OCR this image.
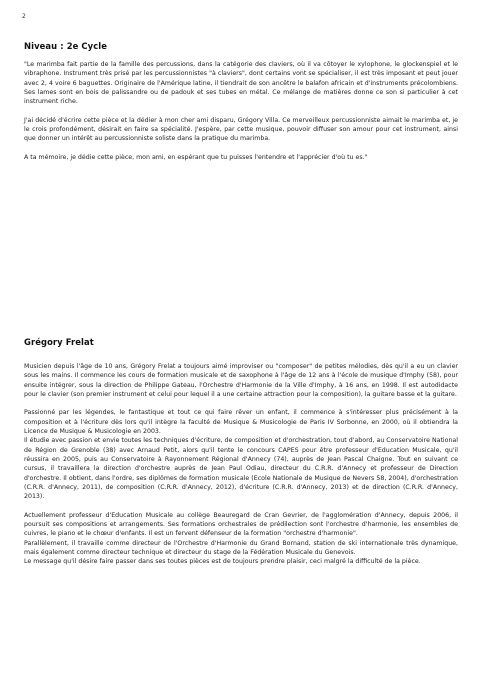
2
Niveau : 2e Cycle

"Le marimba fait partie de la famille des percussions, dans la catégorie des claviers, où il va côtoyer le xylophone, le glockenspiel et le vibraphone. Instrument très prisé par les percussionnistes "à claviers", dont certains vont se spécialiser, il est très imposant et peut jouer avec 2, 4 voire 6 baguettes. Originaire de l'Amérique latine, il tiendrait de son ancêtre le balafon africain et d'instruments précolombiens. Ses lames sont en bois de palissandre ou de padouk et ses tubes en métal. Ce mélange de matières donne ce son si particulier à cet instrument riche.

J'ai décidé d'écrire cette pièce et la dédier à mon cher ami disparu, Grégory Villa. Ce merveilleux percussionniste aimait le marimba et, je le crois profondément, désirait en faire sa spécialité. J'espère, par cette musique, pouvoir diffuser son amour pour cet instrument, ainsi que donner un intérêt au percussionniste soliste dans la pratique du marimba.

A ta mémoire, je dédie cette pièce, mon ami, en espérant que tu puisses l'entendre et l'apprécier d'où tu es."

Grégory Frelat

Musicien depuis l'âge de 10 ans, Grégory Frelat a toujours aimé improviser ou "composer" de petites mélodies, dès qu'il a eu un clavier sous les mains. Il commence les cours de formation musicale et de saxophone à l'âge de 12 ans à l'école de musique d'Imphy (58), pour ensuite intégrer, sous la direction de Philippe Gateau, l'Orchestre d'Harmonie de la Ville d'Imphy, à 16 ans, en 1998. Il est autodidacte pour le clavier (son premier instrument et celui pour lequel il a une certaine attraction pour la composition), la guitare basse et la guitare.

Passionné par les légendes, le fantastique et tout ce qui faire rêver un enfant, il commence à s'intéresser plus précisément à la composition et à l'écriture dès lors qu'il intègre la faculté de Musique & Musicologie de Paris IV Sorbonne, en 2000, où il obtiendra la Licence de Musique & Musicologie en 2003.

Il étudie avec passion et envie toutes les techniques d'écriture, de composition et d'orchestration, tout d'abord, au Conservatoire National de Région de Grenoble (38) avec Arnaud Petit, alors qu'il tente le concours CAPES pour être professeur d'Education Musicale, qu'il réussira en 2005, puis au Conservatoire à Rayonnement Régional d'Annecy (74), auprès de Jean Pascal Chaigne. Tout en suivant ce cursus, il travaillera la direction d'orchestre auprès de Jean Paul Odiau, directeur du C.R.R. d'Annecy et professeur de Direction d'orchestre. Il obtient, dans l'ordre, ses diplômes de formation musicale (Ecole Nationale de Musique de Nevers 58, 2004), d'orchestration (C.R.R. d'Annecy, 2011), de composition (C.R.R. d'Annecy, 2012), d'écriture (C.R.R. d'Annecy, 2013) et de direction (C.R.R. d'Annecy, 2013).

Actuellement professeur d'Education Musicale au collège Beauregard de Cran Gevrier, de l'agglomération d'Annecy, depuis 2006, il poursuit ses compositions et arrangements. Ses formations orchestrales de prédilection sont l'orchestre d'harmonie, les ensembles de cuivres, le piano et le chœur d'enfants. Il est un fervent défenseur de la formation "orchestre d'harmonie".

Parallèlement, il travaille comme directeur de l'Orchestre d'Harmonie du Grand Bornand, station de ski internationale très dynamique, mais également comme directeur technique et directeur du stage de la Fédération Musicale du Genevois.

Le message qu'il désire faire passer dans ses toutes pièces est de toujours prendre plaisir, ceci malgré la difficulté de la pièce.
